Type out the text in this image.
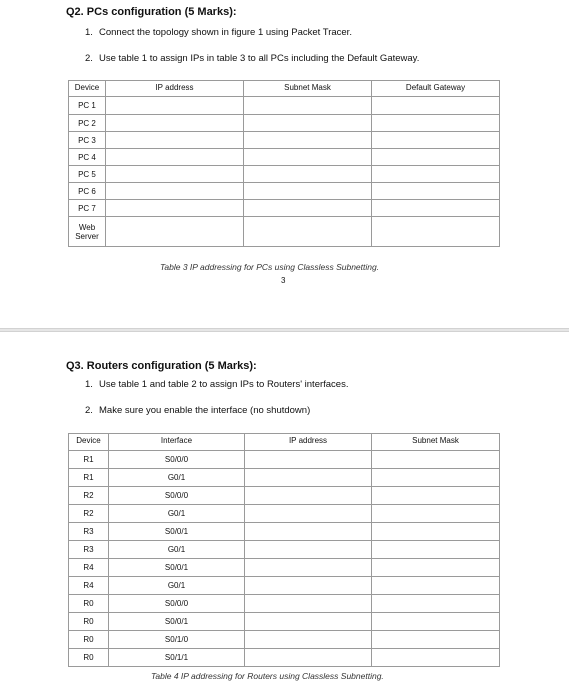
Q2. PCs configuration (5 Marks):
1. Connect the topology shown in figure 1 using Packet Tracer.
2. Use table 1 to assign IPs in table 3 to all PCs including the Default Gateway.
Device	IP address	Subnet Mask	Default Gateway
PC 1			
PC 2			
PC 3			
PC 4			
PC 5			
PC 6			
PC 7			
Web Server			
Table 3 IP addressing for PCs using Classless Subnetting.
3
Q3. Routers configuration (5 Marks):
1. Use table 1 and table 2 to assign IPs to Routers' interfaces.
2. Make sure you enable the interface (no shutdown)
Device	Interface	IP address	Subnet Mask
R1	S0/0/0		
R1	G0/1		
R2	S0/0/0		
R2	G0/1		
R3	S0/0/1		
R3	G0/1		
R4	S0/0/1		
R4	G0/1		
R0	S0/0/0		
R0	S0/0/1		
R0	S0/1/0		
R0	S0/1/1		
Table 4 IP addressing for Routers using Classless Subnetting.
